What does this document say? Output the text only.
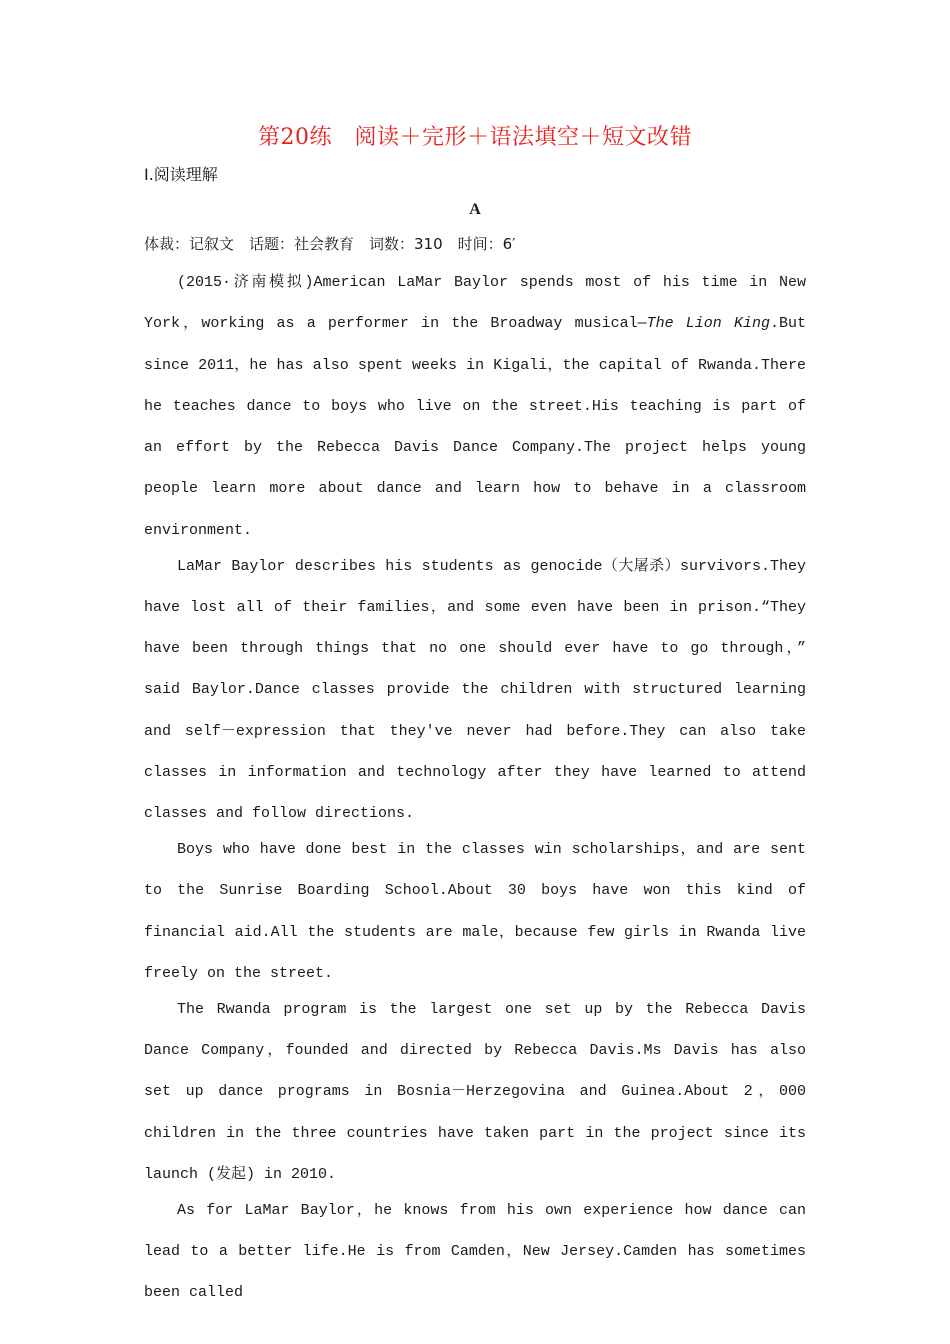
第20练　阅读＋完形＋语法填空＋短文改错
Ⅰ.阅读理解
A
体裁：记叙文　话题：社会教育　词数：310　时间：6′

(2015·济南模拟)American LaMar Baylor spends most of his time in New York，working as a performer in the Broadway musical—The Lion King.But since 2011，he has also spent weeks in Kigali，the capital of Rwanda.There he teaches dance to boys who live on the street.His teaching is part of an effort by the Rebecca Davis Dance Company.The project helps young people learn more about dance and learn how to behave in a classroom environment.

LaMar Baylor describes his students as genocide（大屠杀）survivors.They have lost all of their families，and some even have been in prison.“They have been through things that no one should ever have to go through，” said Baylor.Dance classes provide the children with structured learning and self－expression that they've never had before.They can also take classes in information and technology after they have learned to attend classes and follow directions.

Boys who have done best in the classes win scholarships，and are sent to the Sunrise Boarding School.About 30 boys have won this kind of financial aid.All the students are male，because few girls in Rwanda live freely on the street.

The Rwanda program is the largest one set up by the Rebecca Davis Dance Company，founded and directed by Rebecca Davis.Ms Davis has also set up dance programs in Bosnia－Herzegovina and Guinea.About 2，000 children in the three countries have taken part in the project since its launch (发起) in 2010.

As for LaMar Baylor，he knows from his own experience how dance can lead to a better life.He is from Camden，New Jersey.Camden has sometimes been called
